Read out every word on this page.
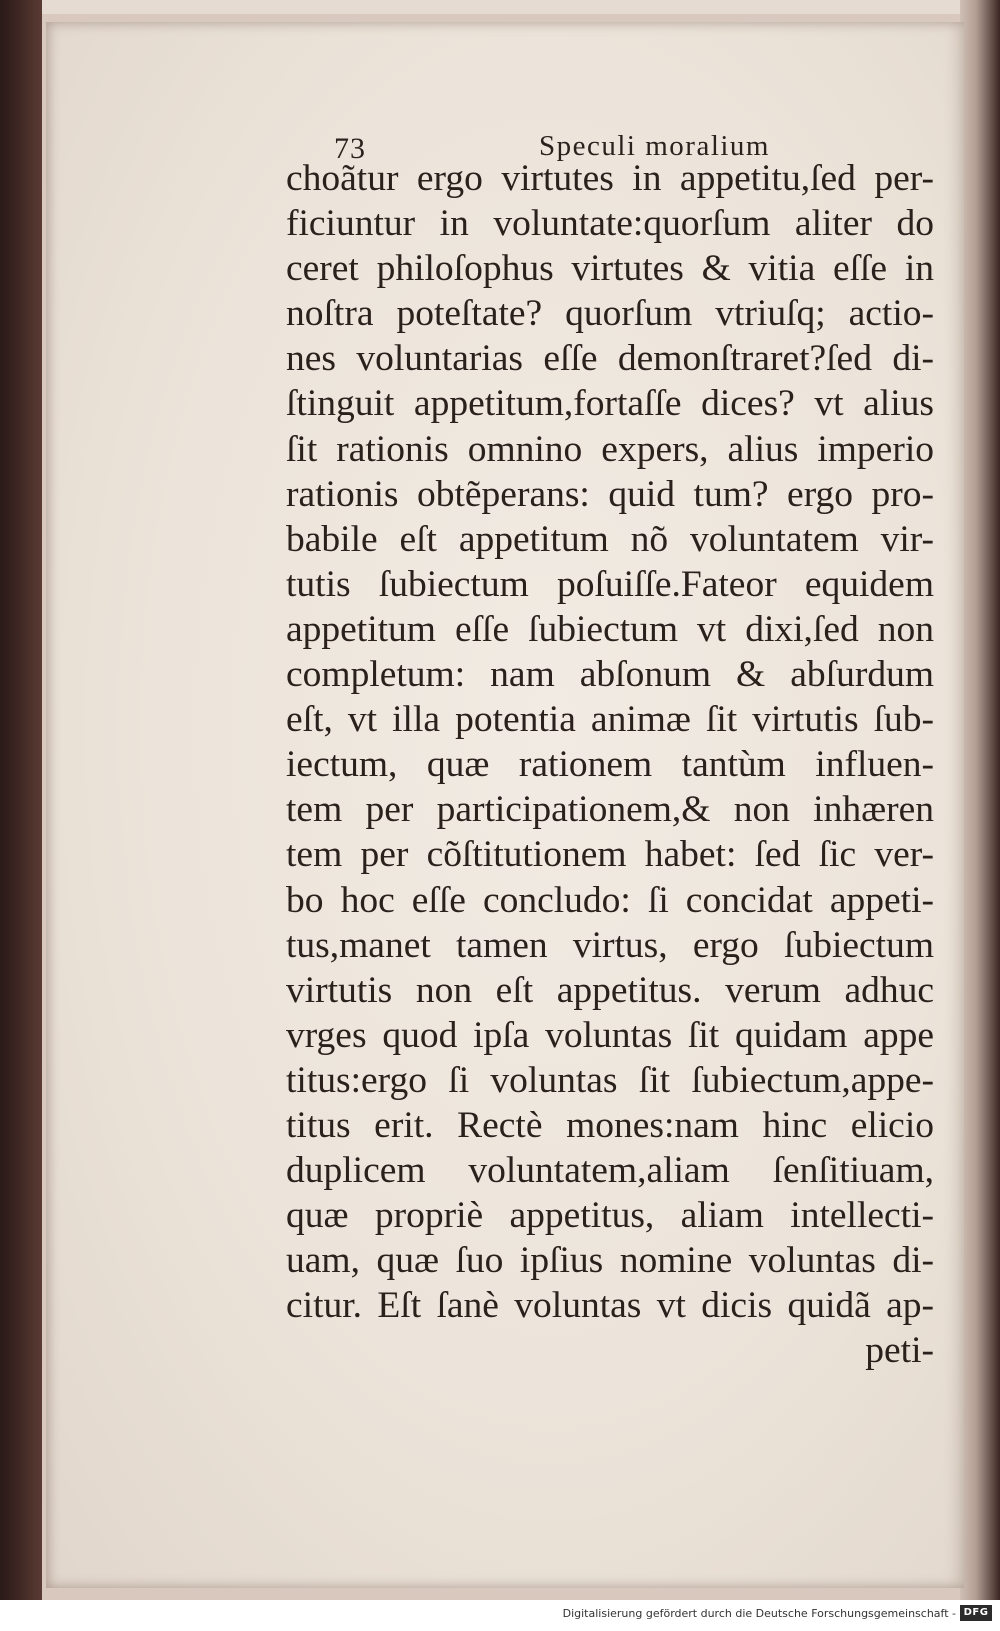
73	Speculi moralium
choãtur ergo virtutes in appetitu,ſed per-
ficiuntur in voluntate:quorſum aliter do
ceret philoſophus virtutes & vitia eſſe in
noſtra poteſtate? quorſum vtriuſq; actio-
nes voluntarias eſſe demonſtraret?ſed di-
ſtinguit appetitum,fortaſſe dices? vt alius
ſit rationis omnino expers, alius imperio
rationis obtẽperans: quid tum? ergo pro-
babile eſt appetitum nõ voluntatem vir-
tutis ſubiectum poſuiſſe.Fateor equidem
appetitum eſſe ſubiectum vt dixi,ſed non
completum: nam abſonum & abſurdum
eſt, vt illa potentia animæ ſit virtutis ſub-
iectum, quæ rationem tantùm influen-
tem per participationem,& non inhæren
tem per cõſtitutionem habet: ſed ſic ver-
bo hoc eſſe concludo: ſi concidat appeti-
tus,manet tamen virtus, ergo ſubiectum
virtutis non eſt appetitus. verum adhuc
vrges quod ipſa voluntas ſit quidam appe
titus:ergo ſi voluntas ſit ſubiectum,appe-
titus erit. Rectè mones:nam hinc elicio
duplicem voluntatem,aliam ſenſitiuam,
quæ propriè appetitus, aliam intellecti-
uam, quæ ſuo ipſius nomine voluntas di-
citur. Eſt ſanè voluntas vt dicis quidã ap-
peti-
Digitalisierung gefördert durch die Deutsche Forschungsgemeinschaft - DFG
